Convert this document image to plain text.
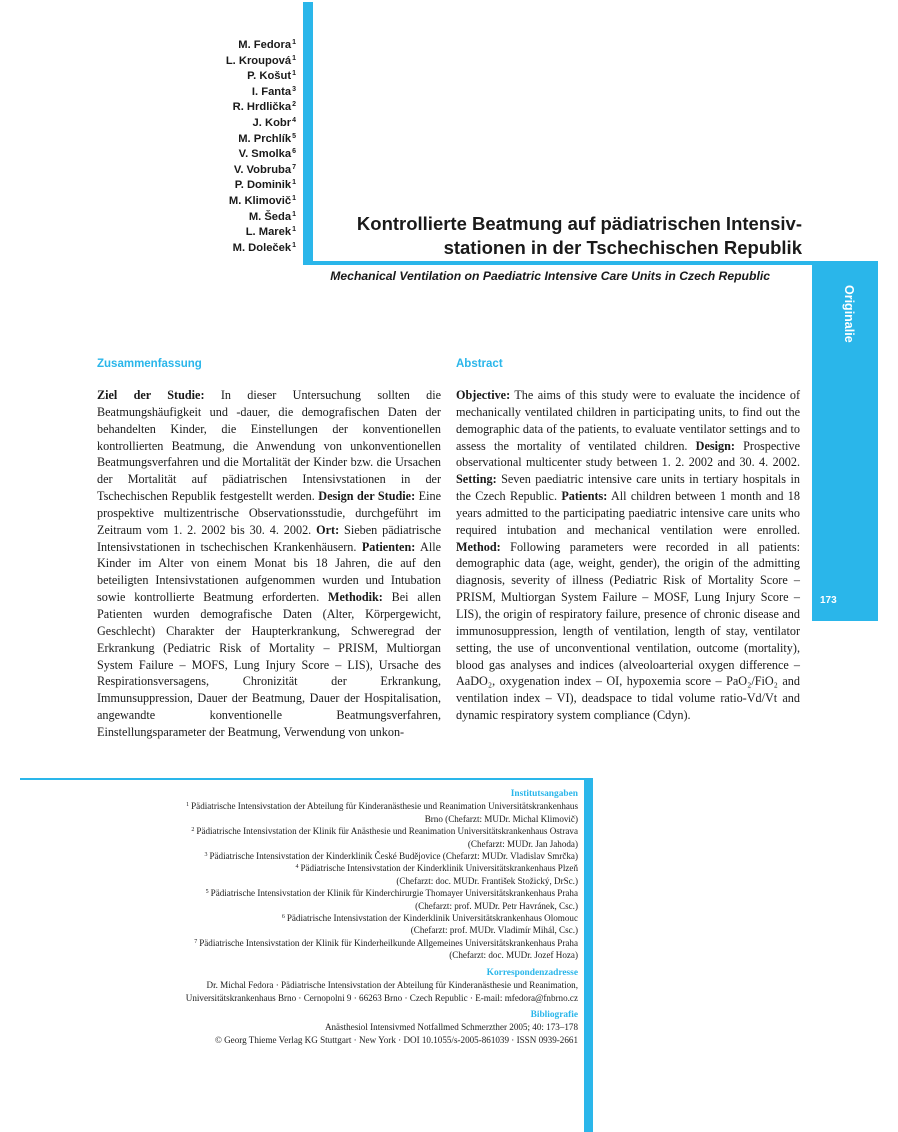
M. Fedora$^1$
L. Kroupová$^1$
P. Košut$^1$
I. Fanta$^3$
R. Hrdlička$^2$
J. Kobr$^4$
M. Prchlík$^5$
V. Smolka$^6$
V. Vobruba$^7$
P. Dominik$^1$
M. Klimovič$^1$
M. Šeda$^1$
L. Marek$^1$
M. Doleček$^1$
Kontrollierte Beatmung auf pädiatrischen Intensiv-
stationen in der Tschechischen Republik
Mechanical Ventilation on Paediatric Intensive Care Units in Czech Republic
Originalie
173
Zusammenfassung

Ziel der Studie: In dieser Untersuchung sollten die Beatmungshäufigkeit und -dauer, die demografischen Daten der behandelten Kinder, die Einstellungen der konventionellen kontrollierten Beatmung, die Anwendung von unkonventionellen Beatmungsverfahren und die Mortalität der Kinder bzw. die Ursachen der Mortalität auf pädiatrischen Intensivstationen in der Tschechischen Republik festgestellt werden. Design der Studie: Eine prospektive multizentrische Observationsstudie, durchgeführt im Zeitraum vom 1. 2. 2002 bis 30. 4. 2002. Ort: Sieben pädiatrische Intensivstationen in tschechischen Krankenhäusern. Patienten: Alle Kinder im Alter von einem Monat bis 18 Jahren, die auf den beteiligten Intensivstationen aufgenommen wurden und Intubation sowie kontrollierte Beatmung erforderten. Methodik: Bei allen Patienten wurden demografische Daten (Alter, Körpergewicht, Geschlecht) Charakter der Haupterkrankung, Schweregrad der Erkrankung (Pediatric Risk of Mortality – PRISM, Multiorgan System Failure – MOFS, Lung Injury Score – LIS), Ursache des Respirationsversagens, Chronizität der Erkrankung, Immunsuppression, Dauer der Beatmung, Dauer der Hospitalisation, angewandte konventionelle Beatmungsverfahren, Einstellungsparameter der Beatmung, Verwendung von unkon-

Abstract

Objective: The aims of this study were to evaluate the incidence of mechanically ventilated children in participating units, to find out the demographic data of the patients, to evaluate ventilator settings and to assess the mortality of ventilated children. Design: Prospective observational multicenter study between 1. 2. 2002 and 30. 4. 2002. Setting: Seven paediatric intensive care units in tertiary hospitals in the Czech Republic. Patients: All children between 1 month and 18 years admitted to the participating paediatric intensive care units who required intubation and mechanical ventilation were enrolled. Method: Following parameters were recorded in all patients: demographic data (age, weight, gender), the origin of the admitting diagnosis, severity of illness (Pediatric Risk of Mortality Score – PRISM, Multiorgan System Failure – MOSF, Lung Injury Score – LIS), the origin of respiratory failure, presence of chronic disease and immunosuppression, length of ventilation, length of stay, ventilator setting, the use of unconventional ventilation, outcome (mortality), blood gas analyses and indices (alveoloarterial oxygen difference – AaDO₂, oxygenation index – OI, hypoxemia score – PaO₂/FiO₂ and ventilation index – VI), deadspace to tidal volume ratio-Vd/Vt and dynamic respiratory system compliance (Cdyn).

Institutsangaben
$^1$ Pädiatrische Intensivstation der Abteilung für Kinderanästhesie und Reanimation Universitätskrankenhaus
Brno (Chefarzt: MUDr. Michal Klimovič)
$^2$ Pädiatrische Intensivstation der Klinik für Anästhesie und Reanimation Universitätskrankenhaus Ostrava
(Chefarzt: MUDr. Jan Jahoda)
$^3$ Pädiatrische Intensivstation der Kinderklinik České Budějovice (Chefarzt: MUDr. Vladislav Smrčka)
$^4$ Pädiatrische Intensivstation der Kinderklinik Universitätskrankenhaus Plzeň
(Chefarzt: doc. MUDr. František Stožický, DrSc.)
$^5$ Pädiatrische Intensivstation der Klinik für Kinderchirurgie Thomayer Universitätskrankenhaus Praha
(Chefarzt: prof. MUDr. Petr Havránek, Csc.)
$^6$ Pädiatrische Intensivstation der Kinderklinik Universitätskrankenhaus Olomouc
(Chefarzt: prof. MUDr. Vladimír Mihál, Csc.)
$^7$ Pädiatrische Intensivstation der Klinik für Kinderheilkunde Allgemeines Universitätskrankenhaus Praha
(Chefarzt: doc. MUDr. Jozef Hoza)
Korrespondenzadresse
Dr. Michal Fedora · Pädiatrische Intensivstation der Abteilung für Kinderanästhesie und Reanimation,
Universitätskrankenhaus Brno · Cernopolni 9 · 66263 Brno · Czech Republic · E-mail: mfedora@fnbrno.cz
Bibliografie
Anästhesiol Intensivmed Notfallmed Schmerzther 2005; 40: 173–178
© Georg Thieme Verlag KG Stuttgart · New York · DOI 10.1055/s-2005-861039 · ISSN 0939-2661
